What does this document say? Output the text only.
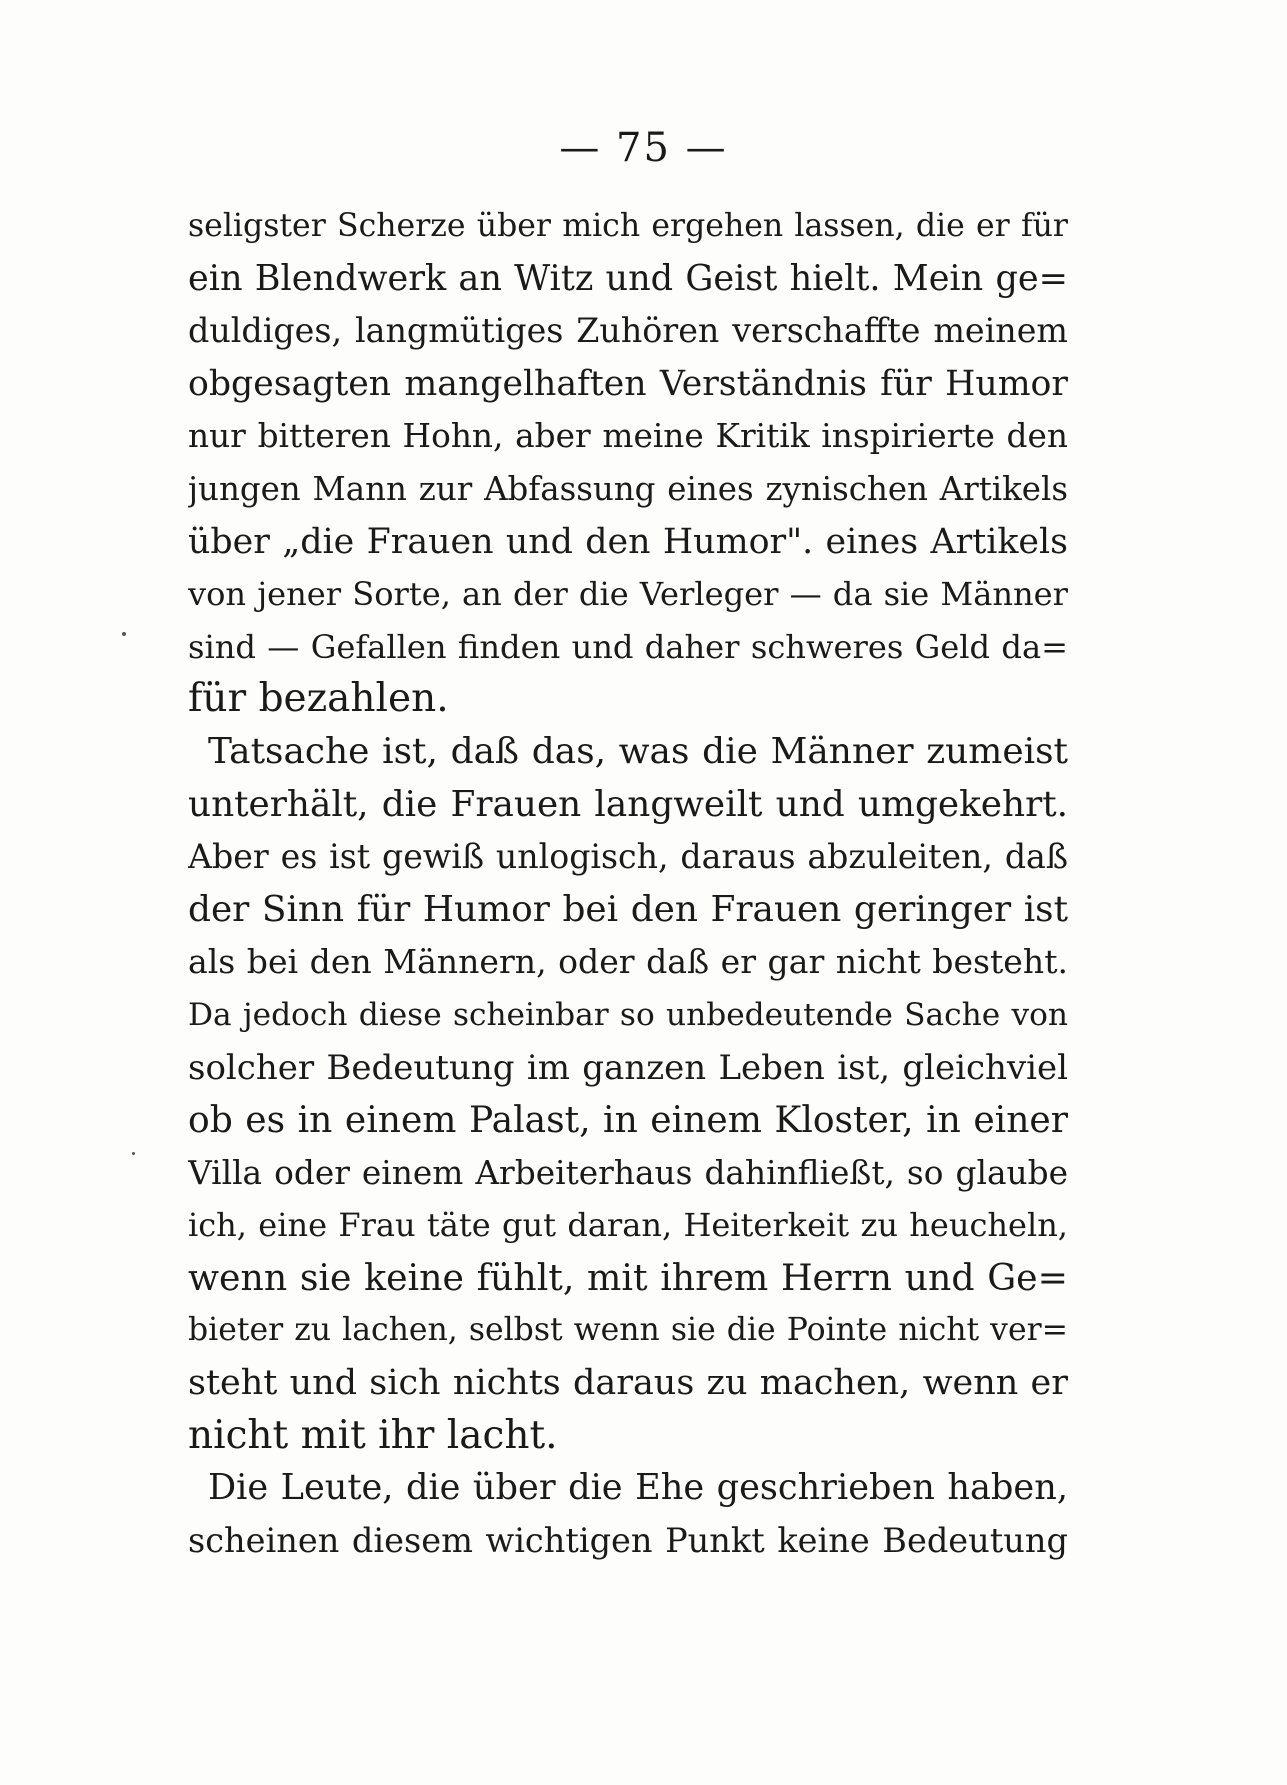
— 75 —
seligster Scherze über mich ergehen lassen, die er für
ein Blendwerk an Witz und Geist hielt. Mein ge=
duldiges, langmütiges Zuhören verschaffte meinem
obgesagten mangelhaften Verständnis für Humor
nur bitteren Hohn, aber meine Kritik inspirierte den
jungen Mann zur Abfassung eines zynischen Artikels
über „die Frauen und den Humor". eines Artikels
von jener Sorte, an der die Verleger — da sie Männer
sind — Gefallen finden und daher schweres Geld da=
für bezahlen.
Tatsache ist, daß das, was die Männer zumeist
unterhält, die Frauen langweilt und umgekehrt.
Aber es ist gewiß unlogisch, daraus abzuleiten, daß
der Sinn für Humor bei den Frauen geringer ist
als bei den Männern, oder daß er gar nicht besteht.
Da jedoch diese scheinbar so unbedeutende Sache von
solcher Bedeutung im ganzen Leben ist, gleichviel
ob es in einem Palast, in einem Kloster, in einer
Villa oder einem Arbeiterhaus dahinfließt, so glaube
ich, eine Frau täte gut daran, Heiterkeit zu heucheln,
wenn sie keine fühlt, mit ihrem Herrn und Ge=
bieter zu lachen, selbst wenn sie die Pointe nicht ver=
steht und sich nichts daraus zu machen, wenn er
nicht mit ihr lacht.
Die Leute, die über die Ehe geschrieben haben,
scheinen diesem wichtigen Punkt keine Bedeutung
